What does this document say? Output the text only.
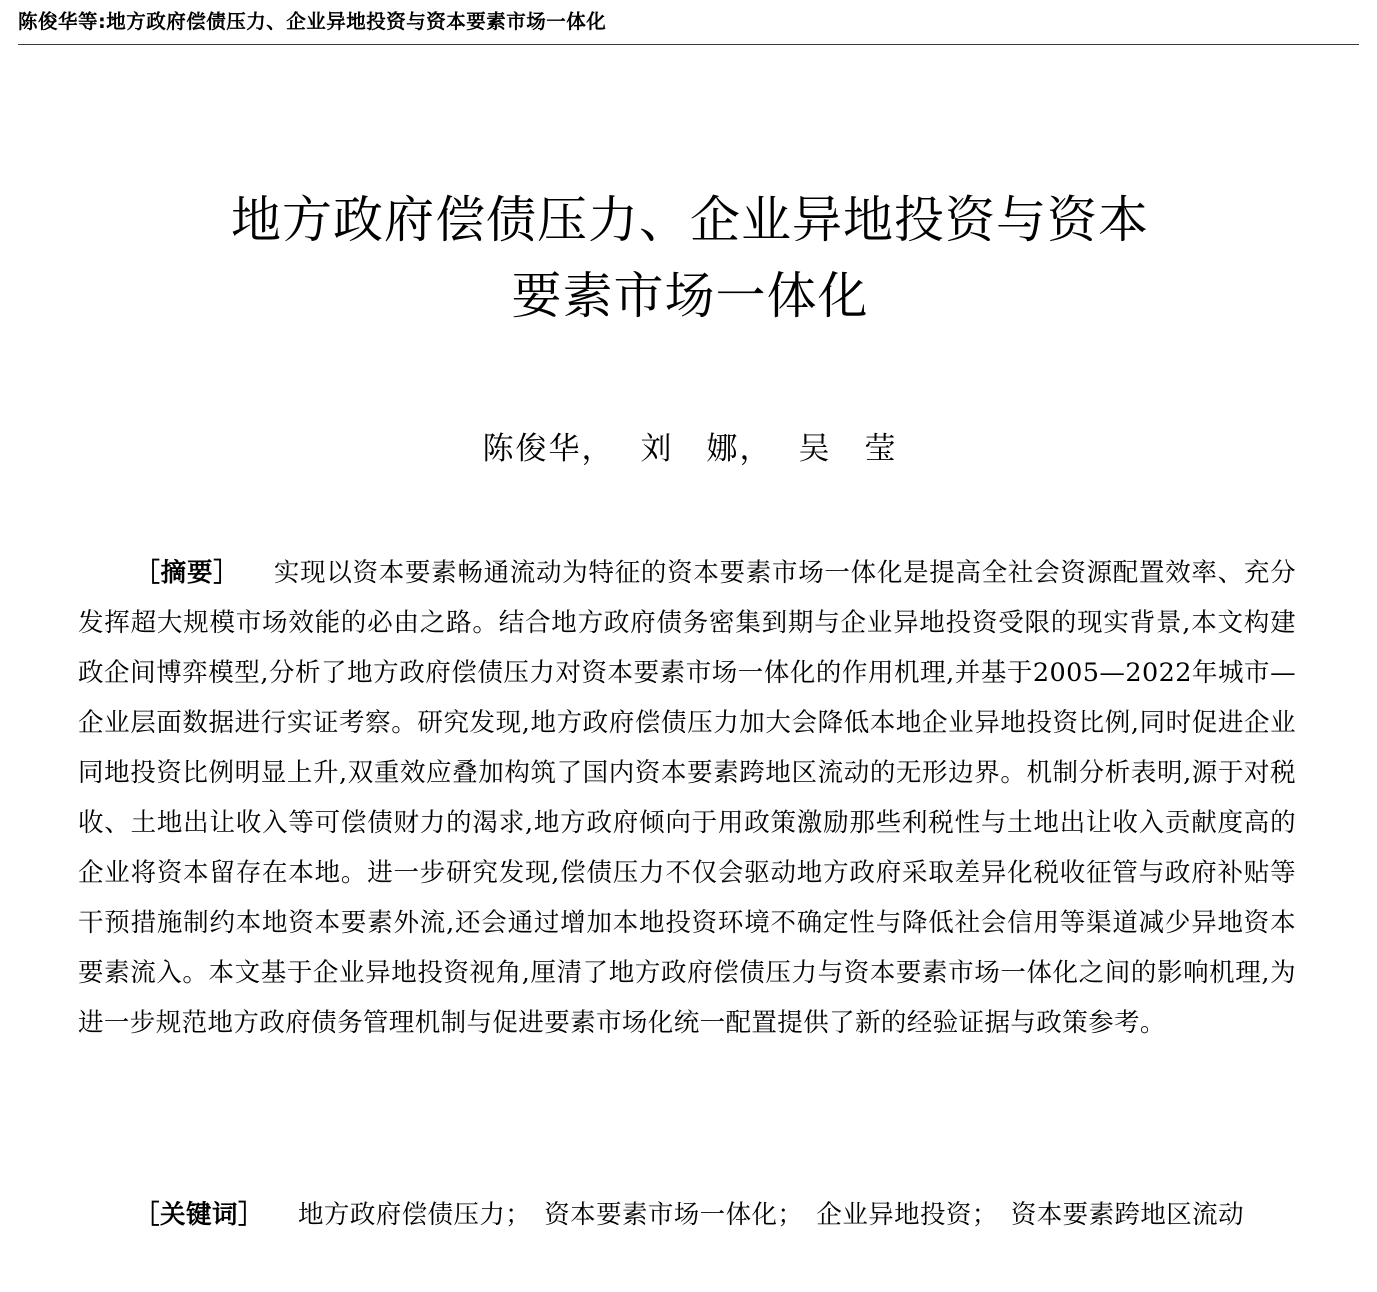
陈俊华等:地方政府偿债压力、企业异地投资与资本要素市场一体化
地方政府偿债压力、企业异地投资与资本
要素市场一体化
陈俊华， 刘　娜， 吴　莹
［摘要］ 实现以资本要素畅通流动为特征的资本要素市场一体化是提高全社会资源配置效率、充分发挥超大规模市场效能的必由之路。结合地方政府债务密集到期与企业异地投资受限的现实背景,本文构建政企间博弈模型,分析了地方政府偿债压力对资本要素市场一体化的作用机理,并基于2005—2022年城市—企业层面数据进行实证考察。研究发现,地方政府偿债压力加大会降低本地企业异地投资比例,同时促进企业同地投资比例明显上升,双重效应叠加构筑了国内资本要素跨地区流动的无形边界。机制分析表明,源于对税收、土地出让收入等可偿债财力的渴求,地方政府倾向于用政策激励那些利税性与土地出让收入贡献度高的企业将资本留存在本地。进一步研究发现,偿债压力不仅会驱动地方政府采取差异化税收征管与政府补贴等干预措施制约本地资本要素外流,还会通过增加本地投资环境不确定性与降低社会信用等渠道减少异地资本要素流入。本文基于企业异地投资视角,厘清了地方政府偿债压力与资本要素市场一体化之间的影响机理,为进一步规范地方政府债务管理机制与促进要素市场化统一配置提供了新的经验证据与政策参考。
［关键词］ 地方政府偿债压力；　资本要素市场一体化；　企业异地投资；　资本要素跨地区流动
